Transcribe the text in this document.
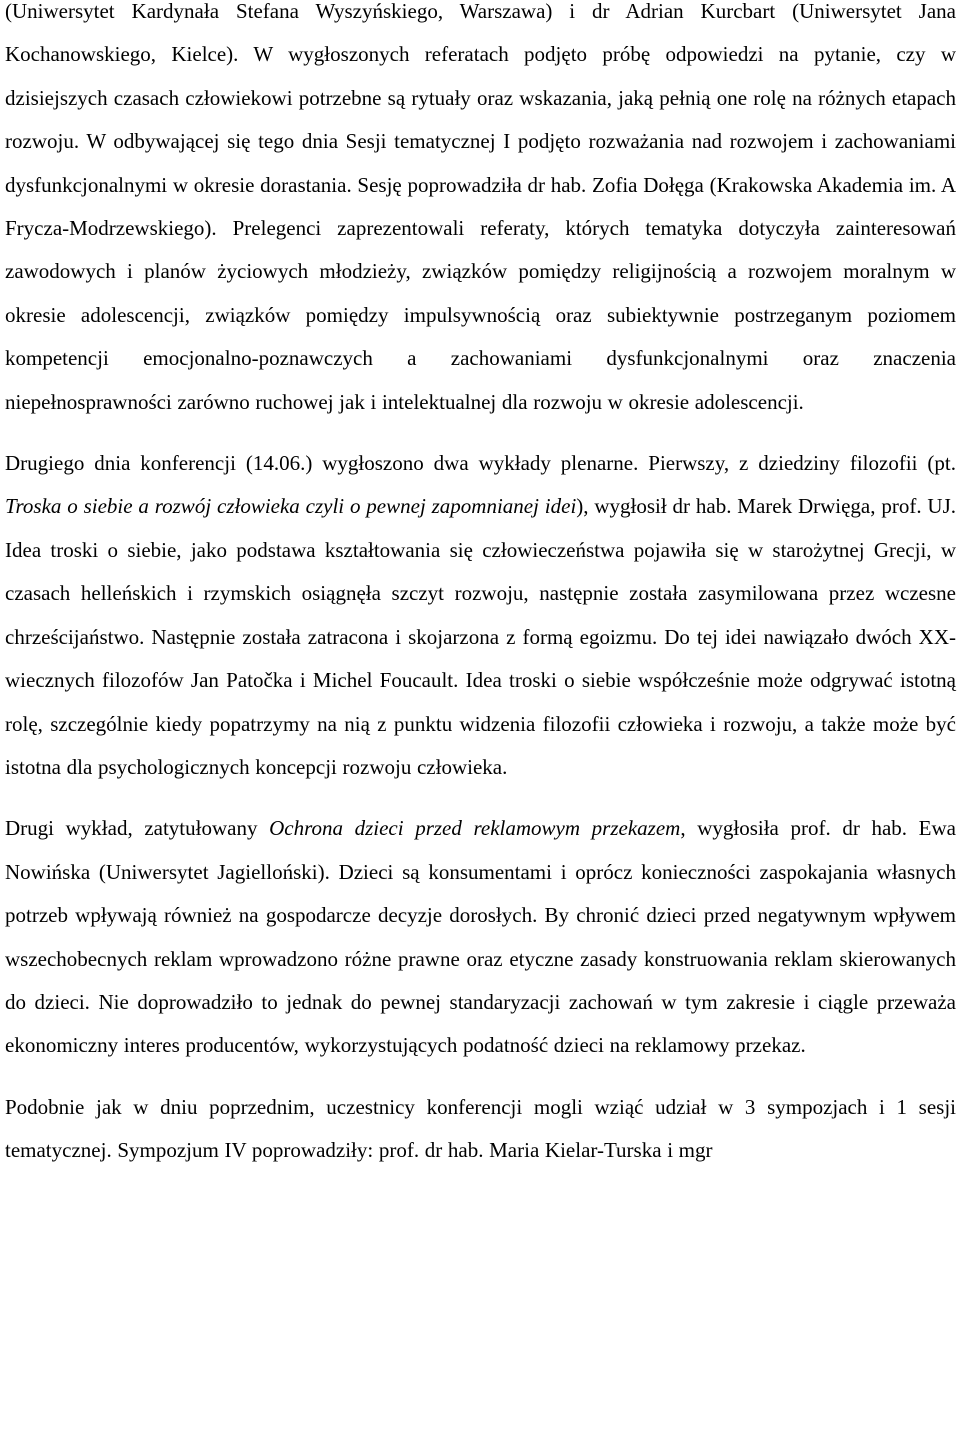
(Uniwersytet Kardynała Stefana Wyszyńskiego, Warszawa) i dr Adrian Kurcbart (Uniwersytet Jana Kochanowskiego, Kielce). W wygłoszonych referatach podjęto próbę odpowiedzi na pytanie, czy w dzisiejszych czasach człowiekowi potrzebne są rytuały oraz wskazania, jaką pełnią one rolę na różnych etapach rozwoju. W odbywającej się tego dnia Sesji tematycznej I podjęto rozważania nad rozwojem i zachowaniami dysfunkcjonalnymi w okresie dorastania. Sesję poprowadziła dr hab. Zofia Dołęga (Krakowska Akademia im. A Frycza-Modrzewskiego). Prelegenci zaprezentowali referaty, których tematyka dotyczyła zainteresowań zawodowych i planów życiowych młodzieży, związków pomiędzy religijnością a rozwojem moralnym w okresie adolescencji, związków pomiędzy impulsywnością oraz subiektywnie postrzeganym poziomem kompetencji emocjonalno-poznawczych a zachowaniami dysfunkcjonalnymi oraz znaczenia niepełnosprawności zarówno ruchowej jak i intelektualnej dla rozwoju w okresie adolescencji.

Drugiego dnia konferencji (14.06.) wygłoszono dwa wykłady plenarne. Pierwszy, z dziedziny filozofii (pt. Troska o siebie a rozwój człowieka czyli o pewnej zapomnianej idei), wygłosił dr hab. Marek Drwięga, prof. UJ. Idea troski o siebie, jako podstawa kształtowania się człowieczeństwa pojawiła się w starożytnej Grecji, w czasach helleńskich i rzymskich osiągnęła szczyt rozwoju, następnie została zasymilowana przez wczesne chrześcijaństwo. Następnie została zatracona i skojarzona z formą egoizmu. Do tej idei nawiązało dwóch XX-wiecznych filozofów Jan Patočka i Michel Foucault. Idea troski o siebie współcześnie może odgrywać istotną rolę, szczególnie kiedy popatrzymy na nią z punktu widzenia filozofii człowieka i rozwoju, a także może być istotna dla psychologicznych koncepcji rozwoju człowieka.

Drugi wykład, zatytułowany Ochrona dzieci przed reklamowym przekazem, wygłosiła prof. dr hab. Ewa Nowińska (Uniwersytet Jagielloński). Dzieci są konsumentami i oprócz konieczności zaspokajania własnych potrzeb wpływają również na gospodarcze decyzje dorosłych. By chronić dzieci przed negatywnym wpływem wszechobecnych reklam wprowadzono różne prawne oraz etyczne zasady konstruowania reklam skierowanych do dzieci. Nie doprowadziło to jednak do pewnej standaryzacji zachowań w tym zakresie i ciągle przeważa ekonomiczny interes producentów, wykorzystujących podatność dzieci na reklamowy przekaz.

Podobnie jak w dniu poprzednim, uczestnicy konferencji mogli wziąć udział w 3 sympozjach i 1 sesji tematycznej. Sympozjum IV poprowadziły: prof. dr hab. Maria Kielar-Turska i mgr
